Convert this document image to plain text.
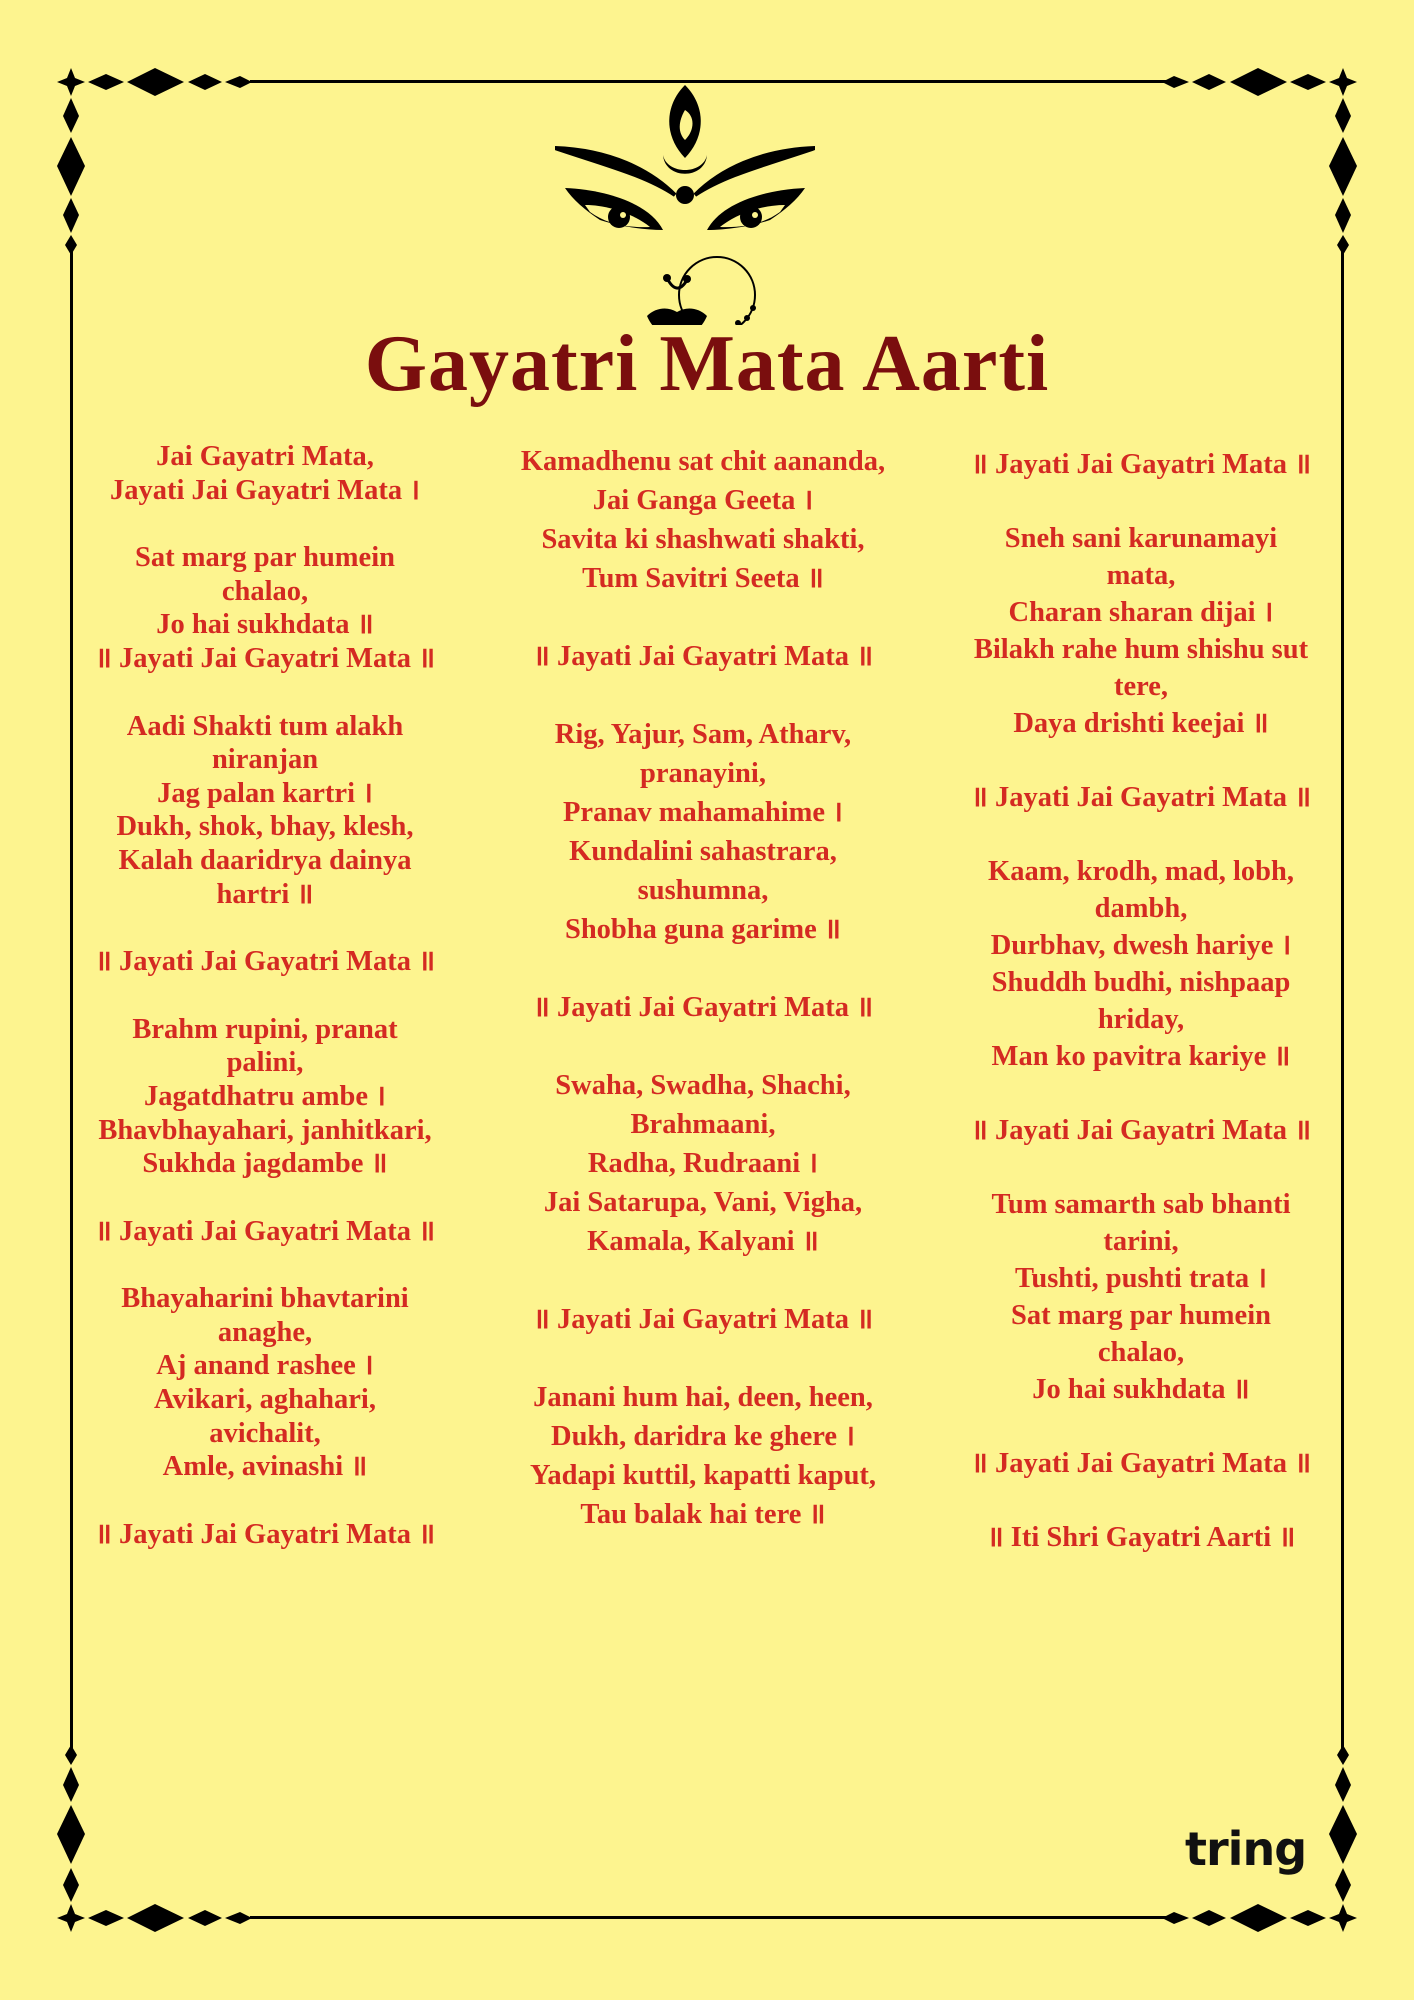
Gayatri Mata Aarti
Jai Gayatri Mata,
Jayati Jai Gayatri Mata ।
Sat marg par humein
chalao,
Jo hai sukhdata ॥
॥ Jayati Jai Gayatri Mata ॥
Aadi Shakti tum alakh
niranjan
Jag palan kartri ।
Dukh, shok, bhay, klesh,
Kalah daaridrya dainya
hartri ॥
॥ Jayati Jai Gayatri Mata ॥
Brahm rupini, pranat
palini,
Jagatdhatru ambe ।
Bhavbhayahari, janhitkari,
Sukhda jagdambe ॥
॥ Jayati Jai Gayatri Mata ॥
Bhayaharini bhavtarini
anaghe,
Aj anand rashee ।
Avikari, aghahari,
avichalit,
Amle, avinashi ॥
॥ Jayati Jai Gayatri Mata ॥
Kamadhenu sat chit aananda,
Jai Ganga Geeta ।
Savita ki shashwati shakti,
Tum Savitri Seeta ॥
॥ Jayati Jai Gayatri Mata ॥
Rig, Yajur, Sam, Atharv,
pranayini,
Pranav mahamahime ।
Kundalini sahastrara,
sushumna,
Shobha guna garime ॥
॥ Jayati Jai Gayatri Mata ॥
Swaha, Swadha, Shachi,
Brahmaani,
Radha, Rudraani ।
Jai Satarupa, Vani, Vigha,
Kamala, Kalyani ॥
॥ Jayati Jai Gayatri Mata ॥
Janani hum hai, deen, heen,
Dukh, daridra ke ghere ।
Yadapi kuttil, kapatti kaput,
Tau balak hai tere ॥
॥ Jayati Jai Gayatri Mata ॥
Sneh sani karunamayi
mata,
Charan sharan dijai ।
Bilakh rahe hum shishu sut
tere,
Daya drishti keejai ॥
॥ Jayati Jai Gayatri Mata ॥
Kaam, krodh, mad, lobh,
dambh,
Durbhav, dwesh hariye ।
Shuddh budhi, nishpaap
hriday,
Man ko pavitra kariye ॥
॥ Jayati Jai Gayatri Mata ॥
Tum samarth sab bhanti
tarini,
Tushti, pushti trata ।
Sat marg par humein
chalao,
Jo hai sukhdata ॥
॥ Jayati Jai Gayatri Mata ॥
॥ Iti Shri Gayatri Aarti ॥
tring
